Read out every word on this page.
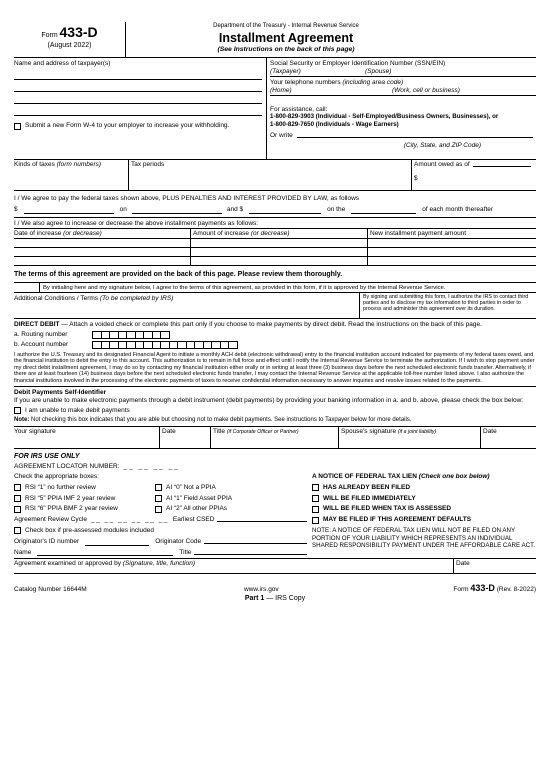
Form 433-D
(August 2022)
Department of the Treasury - Internal Revenue Service
Installment Agreement
(See Instructions on the back of this page)
Name and address of taxpayer(s)
Submit a new Form W-4 to your employer to increase your withholding.
Social Security or Employer Identification Number (SSN/EIN)
(Taxpayer)	(Spouse)
Your telephone numbers (including area code)
(Home)	(Work, cell or business)
For assistance, call:
1-800-829-3903 (Individual - Self-Employed/Business Owners, Businesses), or
1-800-829-7650 (Individuals - Wage Earners)
Or write
(City, State, and ZIP Code)
Kinds of taxes (form numbers)	Tax periods	Amount owed as of
$
I / We agree to pay the federal taxes shown above, PLUS PENALTIES AND INTEREST PROVIDED BY LAW, as follows
$	on	and $	on the	of each month thereafter
I / We also agree to increase or decrease the above installment payments as follows:
Date of increase (or decrease)	Amount of increase (or decrease)	New installment payment amount
The terms of this agreement are provided on the back of this page. Please review them thoroughly.
By initialing here and my signature below, I agree to the terms of this agreement, as provided in this form, if it is approved by the Internal Revenue Service.
Additional Conditions / Terms (To be completed by IRS)	By signing and submitting this form, I authorize the IRS to contact third parties and to disclose my tax information to third parties in order to process and administer this agreement over its duration.
DIRECT DEBIT — Attach a voided check or complete this part only if you choose to make payments by direct debit. Read the instructions on the back of this page.
a. Routing number
b. Account number
I authorize the U.S. Treasury and its designated Financial Agent to initiate a monthly ACH debit (electronic withdrawal) entry to the financial institution account indicated for payments of my federal taxes owed, and the financial institution to debit the entry to this account. This authorization is to remain in full force and effect until I notify the Internal Revenue Service to terminate the authorization. If I wish to stop payment under my direct debit installment agreement, I may do so by contacting my financial institution either orally or in writing at least three (3) business days before the next scheduled electronic funds transfer. Alternatively, if there are at least fourteen (14) business days before the next scheduled electronic funds transfer, I may contact the Internal Revenue Service at the applicable toll-free number listed above. I also authorize the financial institutions involved in the processing of the electronic payments of taxes to receive confidential information necessary to answer inquiries and resolve issues related to the payments.
Debit Payments Self-Identifier
If you are unable to make electronic payments through a debit instrument (debit payments) by providing your banking information in a. and b. above, please check the box below:
I am unable to make debit payments
Note: Not checking this box indicates that you are able but choosing not to make debit payments. See instructions to Taxpayer below for more details.
Your signature	Date	Title (if Corporate Officer or Partner)	Spouse's signature (if a joint liability)	Date
FOR IRS USE ONLY
AGREEMENT LOCATOR NUMBER: __ __ __ __
Check the appropriate boxes:
RSI “1” no further review	AI “0” Not a PPIA
RSI “5” PPIA IMF 2 year review	AI “1” Field Asset PPIA
RSI “6” PPIA BMF 2 year review	AI “2” All other PPIAs
Agreement Review Cycle __ __ __ __ __ __ Earliest CSED
Check box if pre-assessed modules included
Originator's ID number	Originator Code
Name	Title
A NOTICE OF FEDERAL TAX LIEN (Check one box below)
HAS ALREADY BEEN FILED
WILL BE FILED IMMEDIATELY
WILL BE FILED WHEN TAX IS ASSESSED
MAY BE FILED IF THIS AGREEMENT DEFAULTS
NOTE: A NOTICE OF FEDERAL TAX LIEN WILL NOT BE FILED ON ANY PORTION OF YOUR LIABILITY WHICH REPRESENTS AN INDIVIDUAL SHARED RESPONSIBILITY PAYMENT UNDER THE AFFORDABLE CARE ACT.
Agreement examined or approved by (Signature, title, function)	Date
Catalog Number 16644M	www.irs.gov	Form 433-D (Rev. 8-2022)
Part 1 — IRS Copy
